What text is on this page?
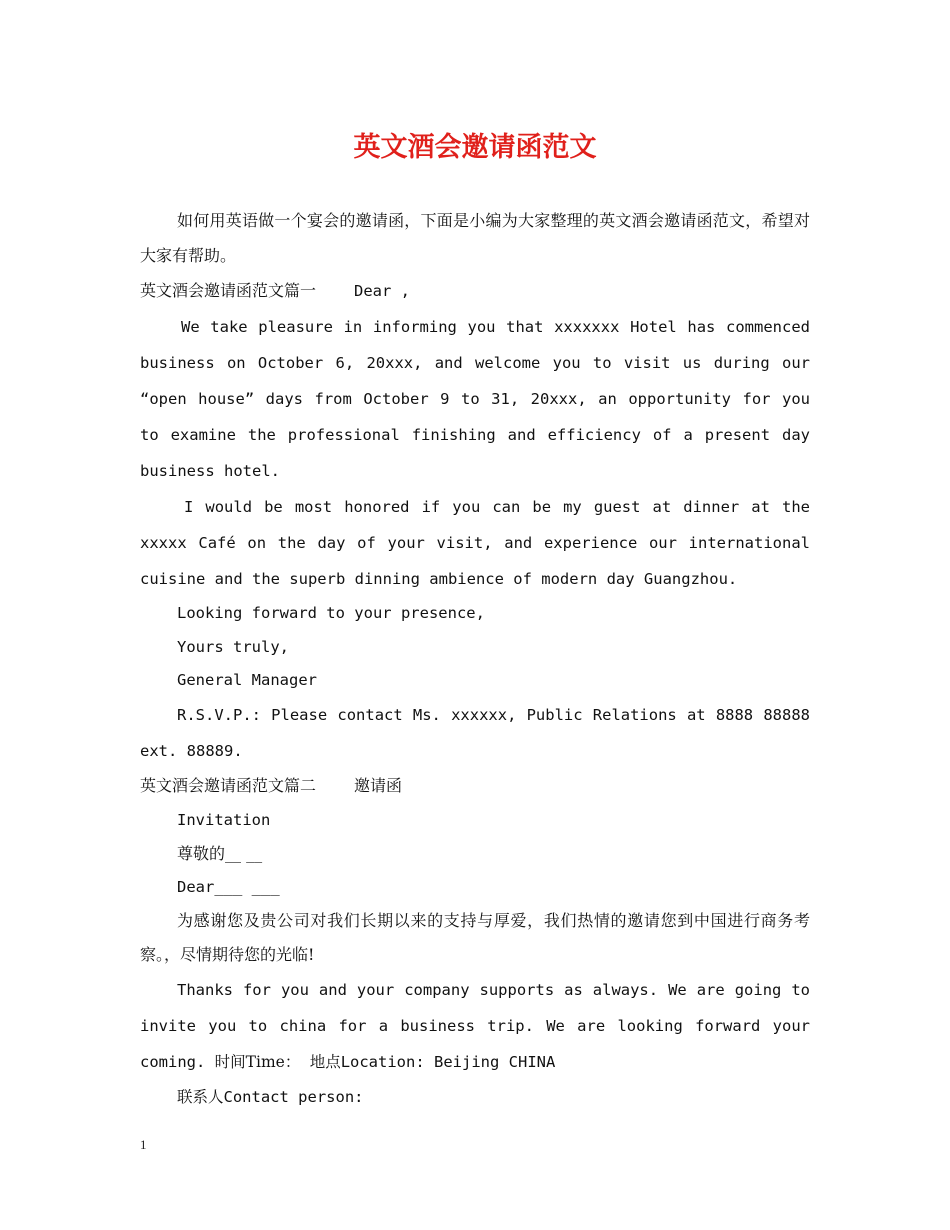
英文酒会邀请函范文

如何用英语做一个宴会的邀请函，下面是小编为大家整理的英文酒会邀请函范文，希望对大家有帮助。

英文酒会邀请函范文篇一 Dear ,

We take pleasure in informing you that xxxxxxx Hotel has commenced business on October 6, 20xxx, and welcome you to visit us during our “open house” days from October 9 to 31, 20xxx, an opportunity for you to examine the professional finishing and efficiency of a present day business hotel.

I would be most honored if you can be my guest at dinner at the xxxxx Café on the day of your visit, and experience our international cuisine and the superb dinning ambience of modern day Guangzhou.

Looking forward to your presence,

Yours truly,

General Manager

R.S.V.P.: Please contact Ms. xxxxxx, Public Relations at 8888 88888 ext. 88889.

英文酒会邀请函范文篇二 邀请函

Invitation

尊敬的__ __

Dear___ ___

为感谢您及贵公司对我们长期以来的支持与厚爱，我们热情的邀请您到中国进行商务考察。，尽情期待您的光临!

Thanks for you and your company supports as always. We are going to invite you to china for a business trip. We are looking forward your coming. 时间Time： 地点Location: Beijing CHINA

联系人Contact person:

1
